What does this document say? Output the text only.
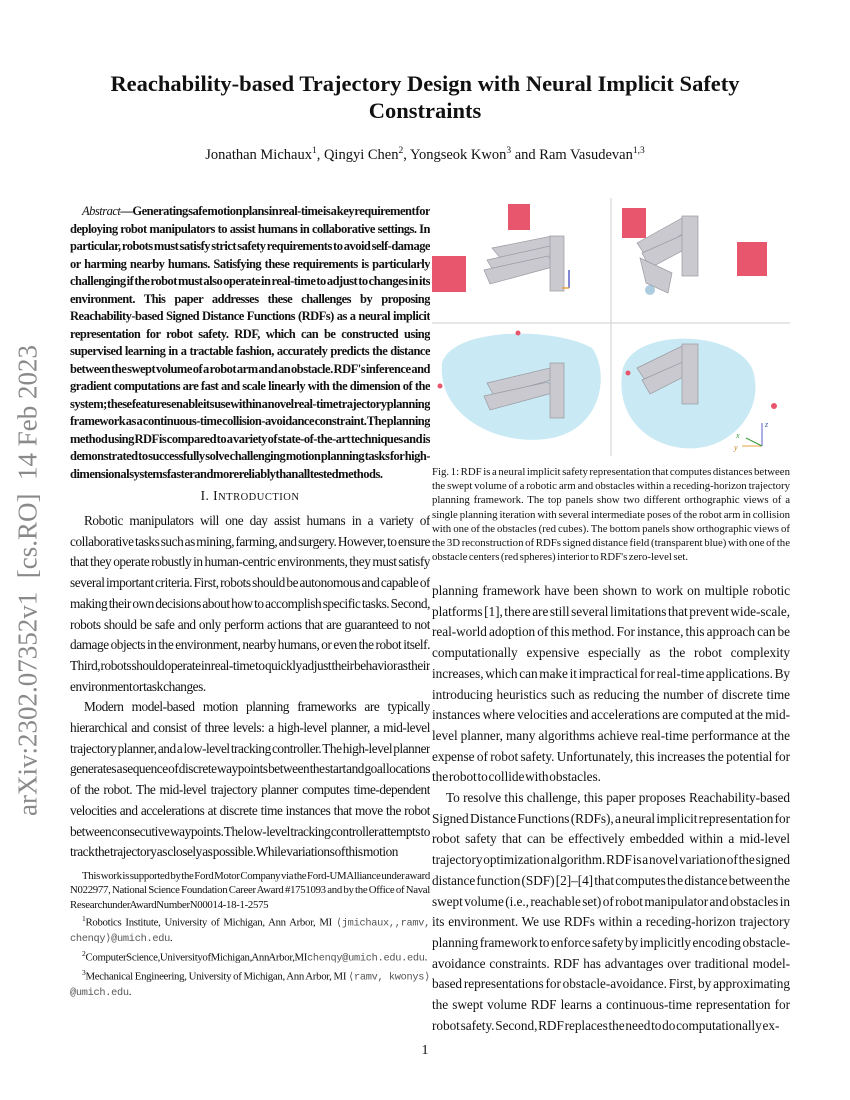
Reachability-based Trajectory Design with Neural Implicit Safety Constraints
Jonathan Michaux$^1$, Qingyi Chen$^2$, Yongseok Kwon$^3$ and Ram Vasudevan$^{1,3}$
arXiv:2302.07352v1  [cs.RO]  14 Feb 2023
Abstract—Generating safe motion plans in real-time is a key requirement for deploying robot manipulators to assist humans in collaborative settings. In particular, robots must satisfy strict safety requirements to avoid self-damage or harming nearby humans. Satisfying these requirements is particularly challenging if the robot must also operate in real-time to adjust to changes in its environment. This paper addresses these challenges by proposing Reachability-based Signed Distance Functions (RDFs) as a neural implicit representation for robot safety. RDF, which can be constructed using supervised learning in a tractable fashion, accurately predicts the distance between the swept volume of a robot arm and an obstacle. RDF's inference and gradient computations are fast and scale linearly with the dimension of the system; these features enable its use within a novel real-time trajectory planning framework as a continuous-time collision-avoidance constraint. The planning method using RDF is compared to a variety of state-of-the-art techniques and is demonstrated to successfully solve challenging motion planning tasks for high-dimensional systems faster and more reliably than all tested methods.
I. INTRODUCTION

Robotic manipulators will one day assist humans in a variety of collaborative tasks such as mining, farming, and surgery. However, to ensure that they operate robustly in human-centric environments, they must satisfy several important criteria. First, robots should be autonomous and capable of making their own decisions about how to accomplish specific tasks. Second, robots should be safe and only perform actions that are guaranteed to not damage objects in the environment, nearby humans, or even the robot itself. Third, robots should operate in real-time to quickly adjust their behavior as their environment or task changes.

Modern model-based motion planning frameworks are typically hierarchical and consist of three levels: a high-level planner, a mid-level trajectory planner, and a low-level tracking controller. The high-level planner generates a sequence of discrete waypoints between the start and goal locations of the robot. The mid-level trajectory planner computes time-dependent velocities and accelerations at discrete time instances that move the robot between consecutive waypoints. The low-level tracking controller attempts to track the trajectory as closely as possible. While variations of this motion

This work is supported by the Ford Motor Company via the Ford-UM Alliance under award N022977, National Science Foundation Career Award #1751093 and by the Office of Naval Research under Award Number N00014-18-1-2575

$^1$Robotics Institute, University of Michigan, Ann Arbor, MI ⟨jmichaux,,ramv, chenqy⟩@umich.edu.

$^2$Computer Science, University of Michigan, Ann Arbor, MI chenqy@umich.edu.edu.

$^3$Mechanical Engineering, University of Michigan, Ann Arbor, MI ⟨ramv, kwonys⟩@umich.edu.

z
x
y
Fig. 1: RDF is a neural implicit safety representation that computes distances between the swept volume of a robotic arm and obstacles within a receding-horizon trajectory planning framework. The top panels show two different orthographic views of a single planning iteration with several intermediate poses of the robot arm in collision with one of the obstacles (red cubes). The bottom panels show orthographic views of the 3D reconstruction of RDFs signed distance field (transparent blue) with one of the obstacle centers (red spheres) interior to RDF's zero-level set.

planning framework have been shown to work on multiple robotic platforms [1], there are still several limitations that prevent wide-scale, real-world adoption of this method. For instance, this approach can be computationally expensive especially as the robot complexity increases, which can make it impractical for real-time applications. By introducing heuristics such as reducing the number of discrete time instances where velocities and accelerations are computed at the mid-level planner, many algorithms achieve real-time performance at the expense of robot safety. Unfortunately, this increases the potential for the robot to collide with obstacles.

To resolve this challenge, this paper proposes Reachability-based Signed Distance Functions (RDFs), a neural implicit representation for robot safety that can be effectively embedded within a mid-level trajectory optimization algorithm. RDF is a novel variation of the signed distance function (SDF) [2]–[4] that computes the distance between the swept volume (i.e., reachable set) of robot manipulator and obstacles in its environment. We use RDFs within a receding-horizon trajectory planning framework to enforce safety by implicitly encoding obstacle-avoidance constraints. RDF has advantages over traditional model-based representations for obstacle-avoidance. First, by approximating the swept volume RDF learns a continuous-time representation for robot safety. Second, RDF replaces the need to do computationally ex-

1
